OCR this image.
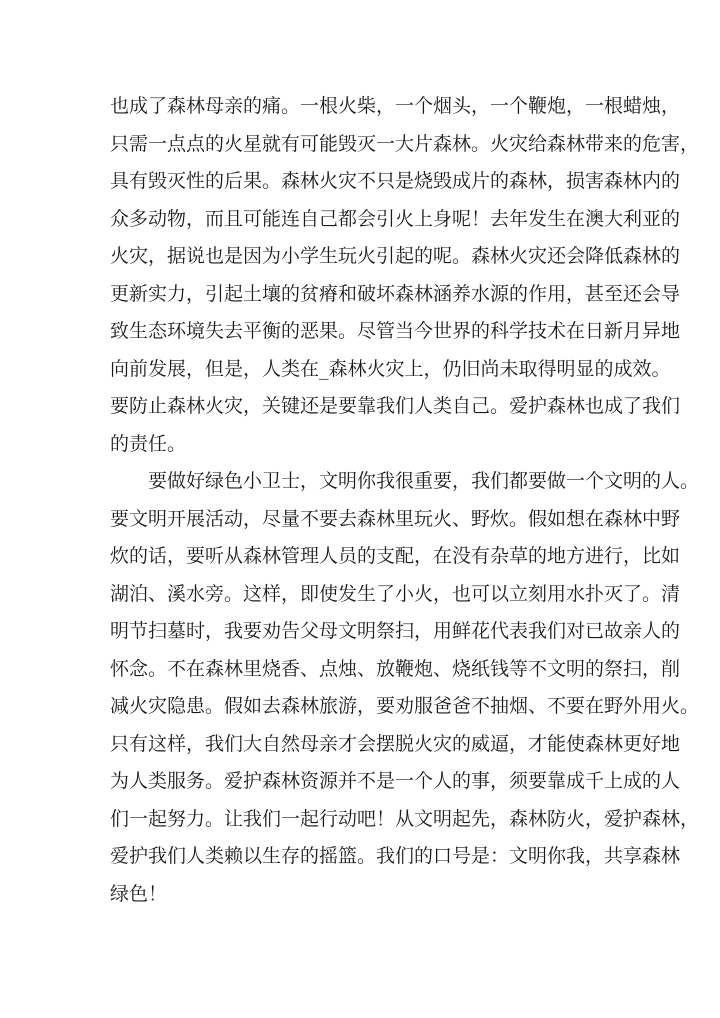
也成了森林母亲的痛。一根火柴，一个烟头，一个鞭炮，一根蜡烛，
只需一点点的火星就有可能毁灭一大片森林。火灾给森林带来的危害，
具有毁灭性的后果。森林火灾不只是烧毁成片的森林，损害森林内的
众多动物，而且可能连自己都会引火上身呢！去年发生在澳大利亚的
火灾，据说也是因为小学生玩火引起的呢。森林火灾还会降低森林的
更新实力，引起土壤的贫瘠和破坏森林涵养水源的作用，甚至还会导
致生态环境失去平衡的恶果。尽管当今世界的科学技术在日新月异地
向前发展，但是，人类在_森林火灾上，仍旧尚未取得明显的成效。
要防止森林火灾，关键还是要靠我们人类自己。爱护森林也成了我们
的责任。
要做好绿色小卫士，文明你我很重要，我们都要做一个文明的人。
要文明开展活动，尽量不要去森林里玩火、野炊。假如想在森林中野
炊的话，要听从森林管理人员的支配，在没有杂草的地方进行，比如
湖泊、溪水旁。这样，即使发生了小火，也可以立刻用水扑灭了。清
明节扫墓时，我要劝告父母文明祭扫，用鲜花代表我们对已故亲人的
怀念。不在森林里烧香、点烛、放鞭炮、烧纸钱等不文明的祭扫，削
减火灾隐患。假如去森林旅游，要劝服爸爸不抽烟、不要在野外用火。
只有这样，我们大自然母亲才会摆脱火灾的威逼，才能使森林更好地
为人类服务。爱护森林资源并不是一个人的事，须要靠成千上成的人
们一起努力。让我们一起行动吧！从文明起先，森林防火，爱护森林，
爱护我们人类赖以生存的摇篮。我们的口号是：文明你我，共享森林
绿色！
